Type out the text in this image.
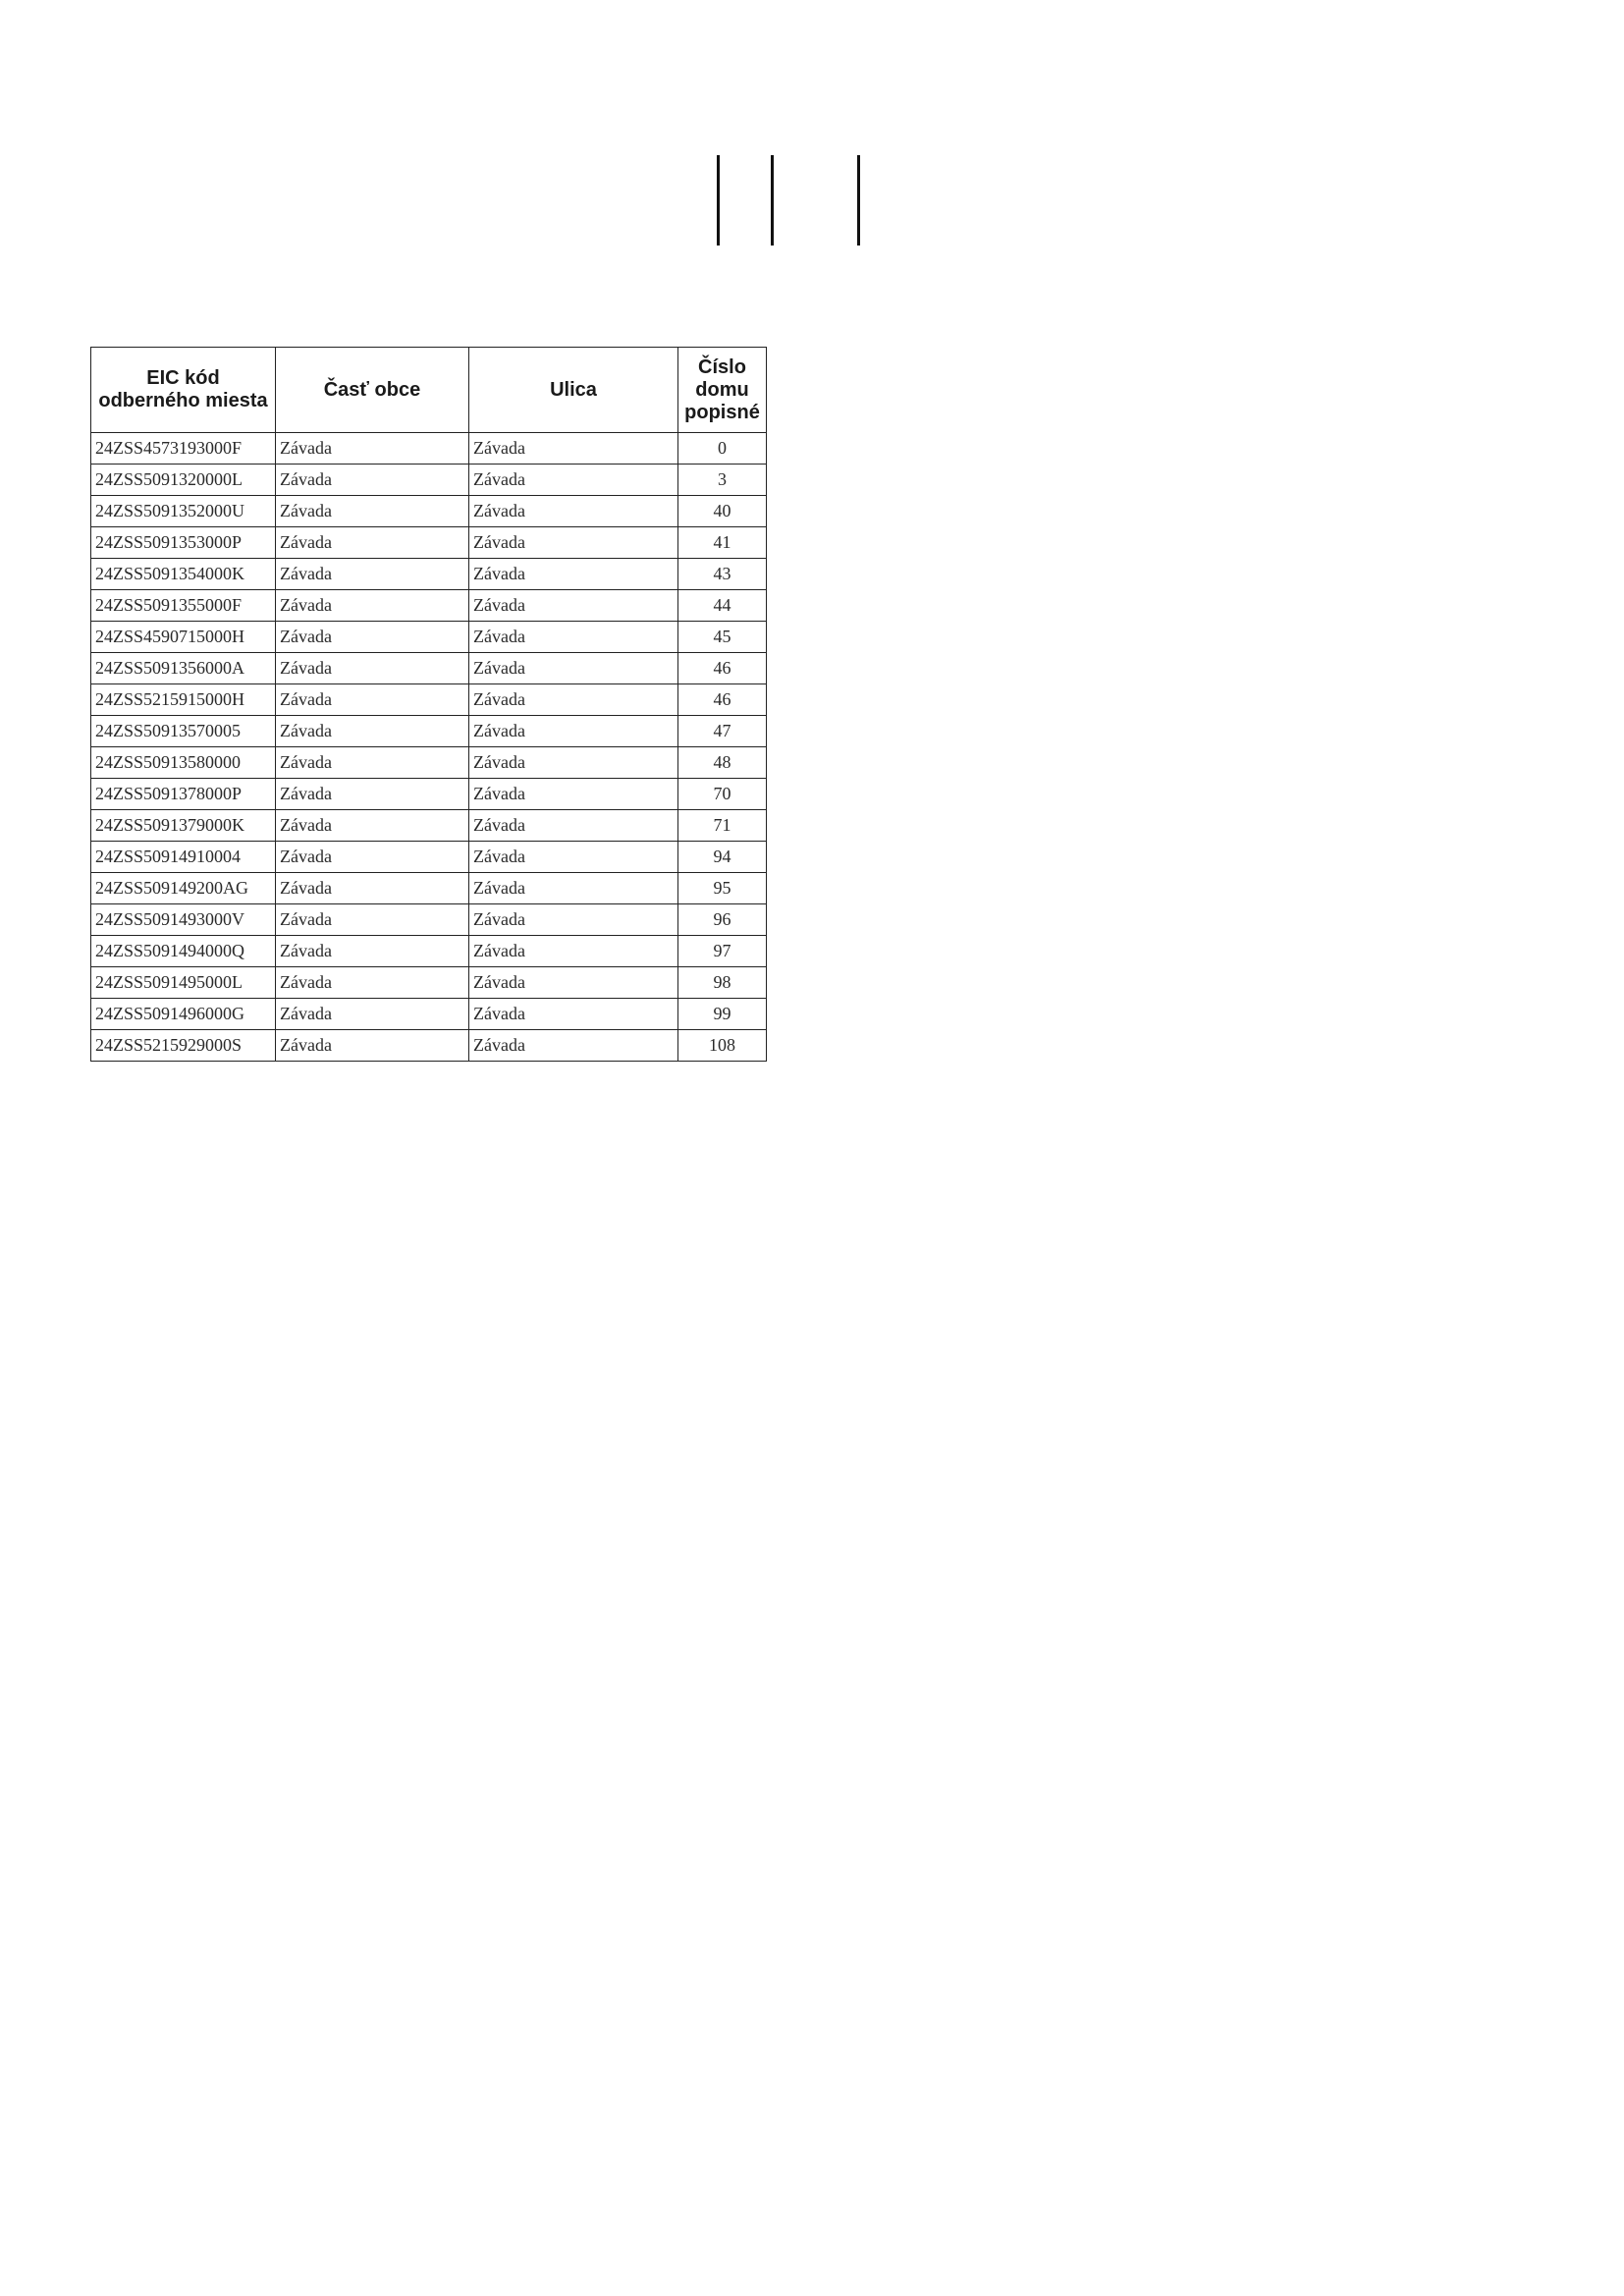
EIC kód odberného miesta	Časť obce	Ulica	Číslo domu popisné
24ZSS4573193000F	Závada	Závada	0
24ZSS5091320000L	Závada	Závada	3
24ZSS5091352000U	Závada	Závada	40
24ZSS5091353000P	Závada	Závada	41
24ZSS5091354000K	Závada	Závada	43
24ZSS5091355000F	Závada	Závada	44
24ZSS4590715000H	Závada	Závada	45
24ZSS5091356000A	Závada	Závada	46
24ZSS5215915000H	Závada	Závada	46
24ZSS50913570005	Závada	Závada	47
24ZSS50913580000	Závada	Závada	48
24ZSS5091378000P	Závada	Závada	70
24ZSS5091379000K	Závada	Závada	71
24ZSS50914910004	Závada	Závada	94
24ZSS509149200AG	Závada	Závada	95
24ZSS5091493000V	Závada	Závada	96
24ZSS5091494000Q	Závada	Závada	97
24ZSS5091495000L	Závada	Závada	98
24ZSS5091496000G	Závada	Závada	99
24ZSS5215929000S	Závada	Závada	108
